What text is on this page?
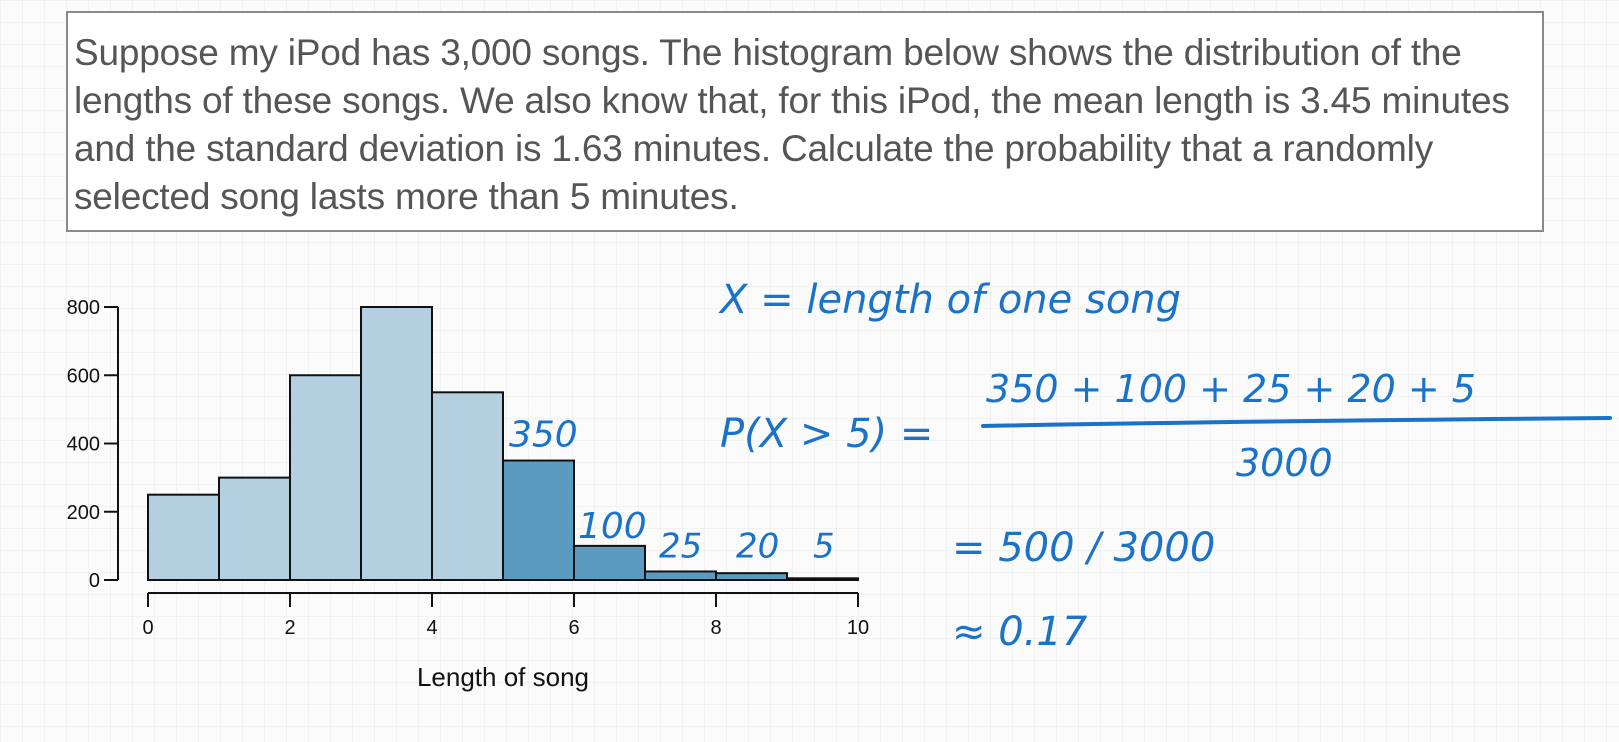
Suppose my iPod has 3,000 songs. The histogram below shows the distribution of the lengths of these songs. We also know that, for this iPod, the mean length is 3.45 minutes and the standard deviation is 1.63 minutes. Calculate the probability that a randomly selected song lasts more than 5 minutes.

0
200
400
600
800
0	2	4	6	8	10
350
100 25 20 5
Length of song
X = length of one song
P(X > 5) =
350 + 100 + 25 + 20 + 5
3000
= 500 / 3000
≈ 0.17
